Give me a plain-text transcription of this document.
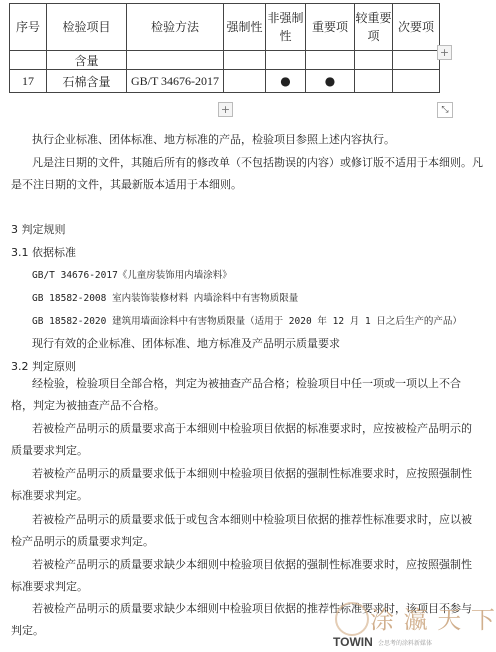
序号	检验项目	检验方法	强制性	非强制性	重要项	较重要项	次要项
	含量						
17	石棉含量	GB/T 34676-2017		●	●		
+
+	⤡
执行企业标准、团体标准、地方标准的产品，检验项目参照上述内容执行。
凡是注日期的文件，其随后所有的修改单（不包括勘误的内容）或修订版不适用于本细则。凡
是不注日期的文件，其最新版本适用于本细则。
3 判定规则
3.1 依据标准
GB/T 34676-2017《儿童房装饰用内墙涂料》
GB 18582-2008 室内装饰装修材料 内墙涂料中有害物质限量
GB 18582-2020 建筑用墙面涂料中有害物质限量（适用于 2020 年 12 月 1 日之后生产的产品）
现行有效的企业标准、团体标准、地方标准及产品明示质量要求
3.2 判定原则
经检验，检验项目全部合格，判定为被抽查产品合格；检验项目中任一项或一项以上不合格，判定为被抽查产品不合格。
若被检产品明示的质量要求高于本细则中检验项目依据的标准要求时，应按被检产品明示的质量要求判定。
若被检产品明示的质量要求低于本细则中检验项目依据的强制性标准要求时，应按照强制性标准要求判定。
若被检产品明示的质量要求低于或包含本细则中检验项目依据的推荐性标准要求时，应以被检产品明示的质量要求判定。
若被检产品明示的质量要求缺少本细则中检验项目依据的强制性标准要求时，应按照强制性标准要求判定。
若被检产品明示的质量要求缺少本细则中检验项目依据的推荐性标准要求时，该项目不参与判定。	涂 瀛 天 下
TOWIN 会思考的涂料新媒体
